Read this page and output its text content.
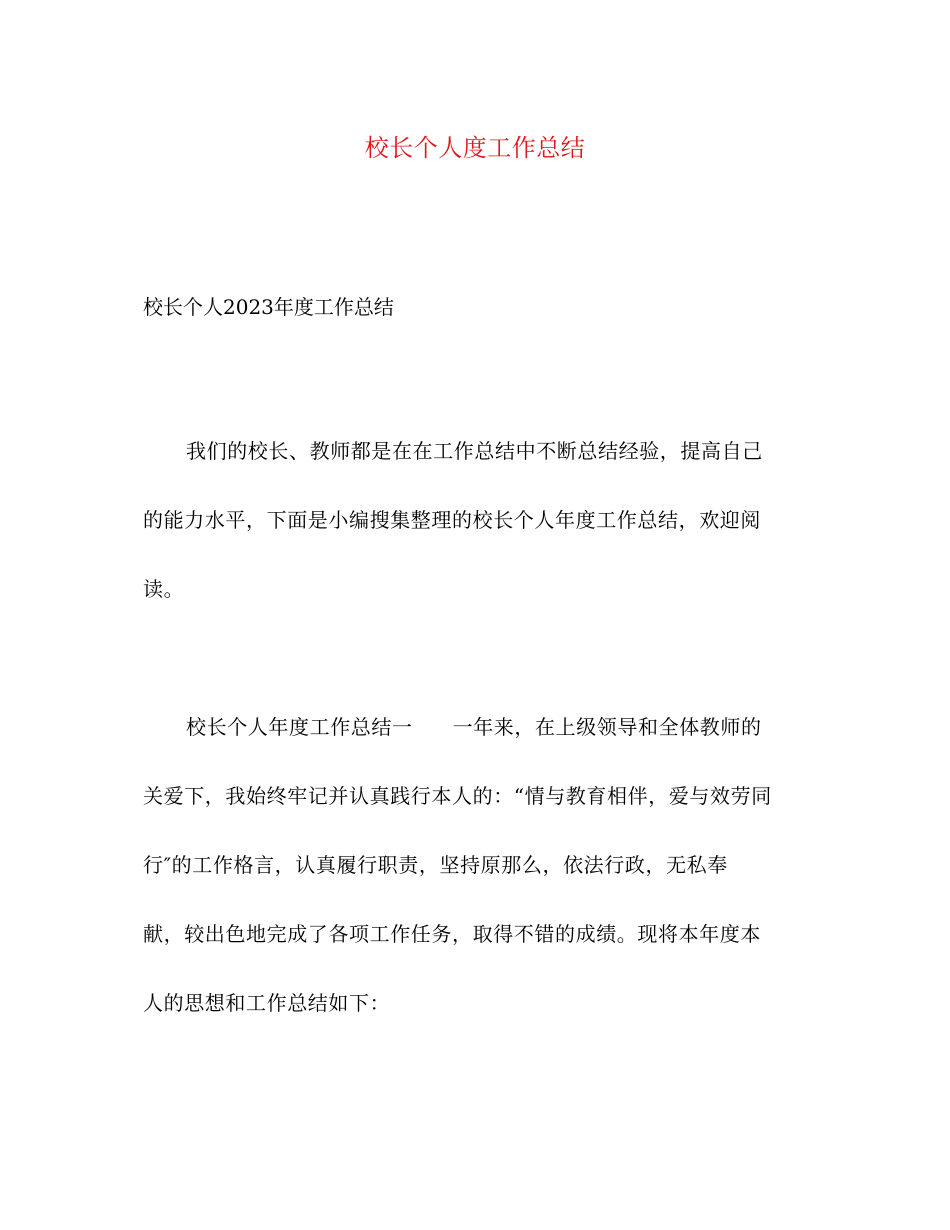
校长个人度工作总结
校长个人2023年度工作总结
我们的校长、教师都是在在工作总结中不断总结经验，提高自己
的能力水平，下面是小编搜集整理的校长个人年度工作总结，欢迎阅
读。
校长个人年度工作总结一 一年来，在上级领导和全体教师的
关爱下，我始终牢记并认真践行本人的：“情与教育相伴，爱与效劳同
行″的工作格言，认真履行职责，坚持原那么，依法行政，无私奉
献，较出色地完成了各项工作任务，取得不错的成绩。现将本年度本
人的思想和工作总结如下：
